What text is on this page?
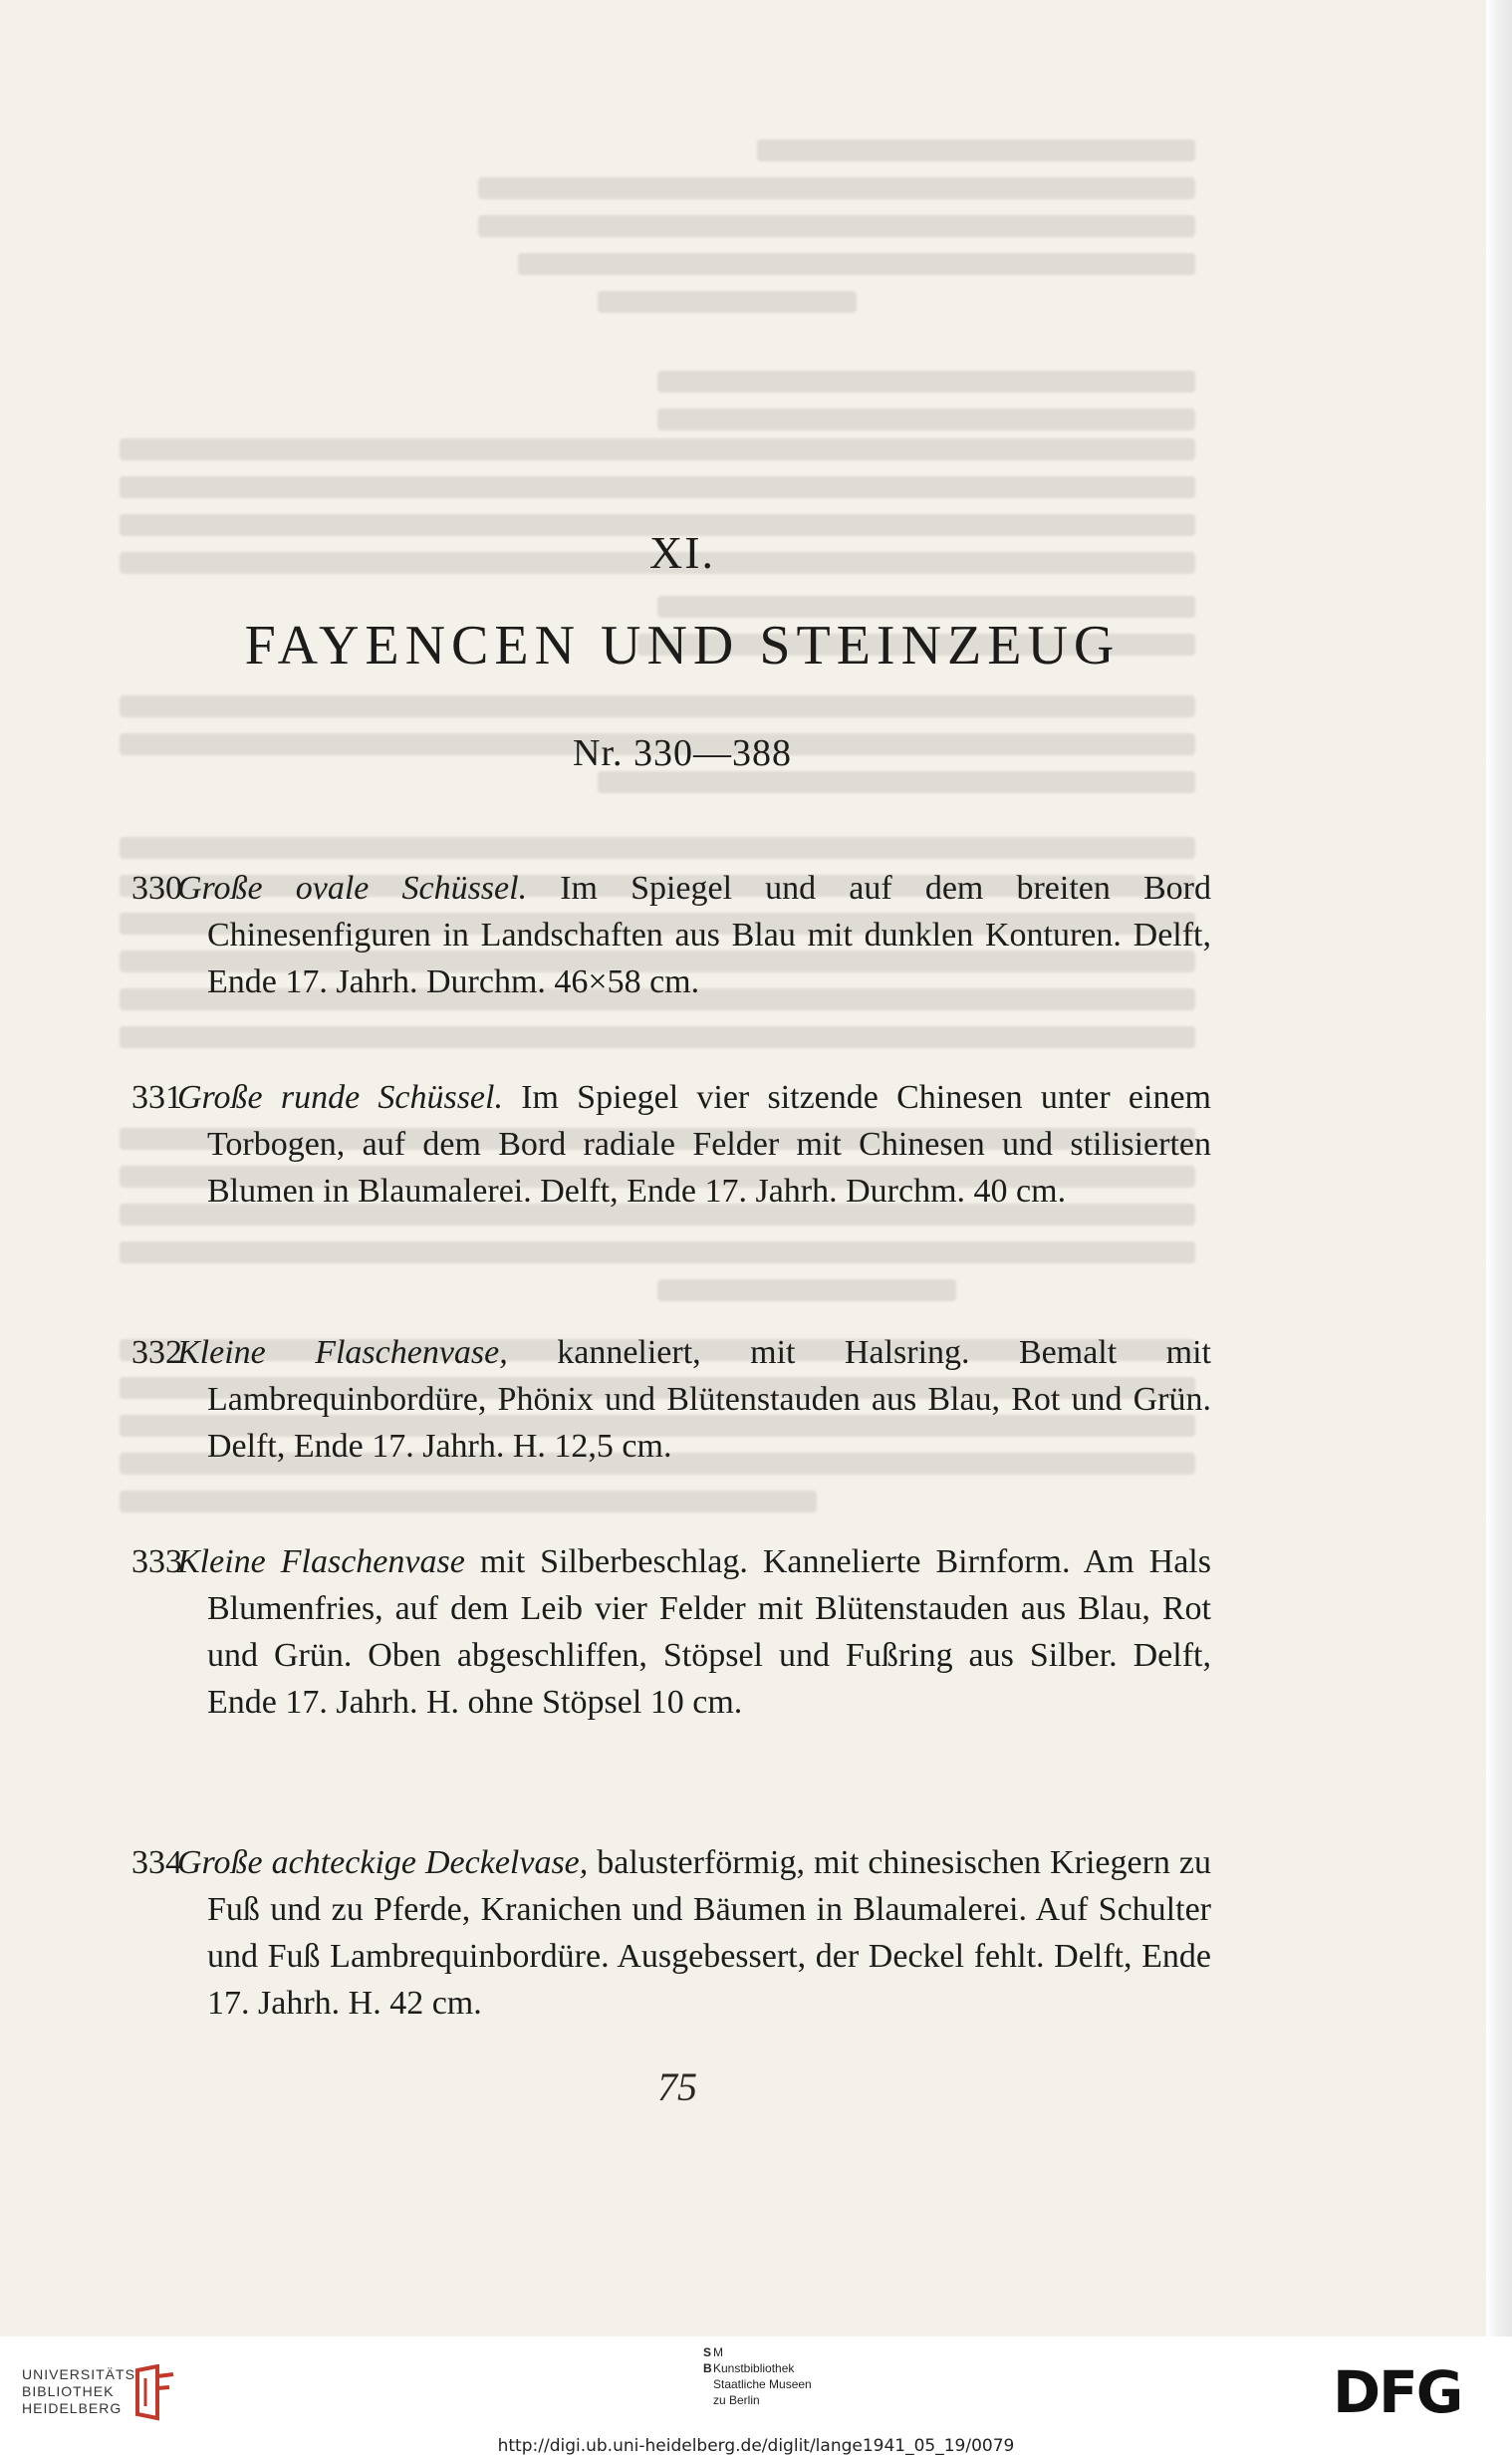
XI.
FAYENCEN UND STEINZEUG
Nr. 330—388
330
Große ovale Schüssel. Im Spiegel und auf dem breiten Bord Chinesenfiguren in Landschaften aus Blau mit dunklen Konturen. Delft, Ende 17. Jahrh. Durchm. 46×58 cm.
331
Große runde Schüssel. Im Spiegel vier sitzende Chinesen unter einem Torbogen, auf dem Bord radiale Felder mit Chinesen und stilisierten Blumen in Blaumalerei. Delft, Ende 17. Jahrh. Durchm. 40 cm.
332
Kleine Flaschenvase, kanneliert, mit Halsring. Bemalt mit Lambrequinbordüre, Phönix und Blütenstauden aus Blau, Rot und Grün. Delft, Ende 17. Jahrh. H. 12,5 cm.
333
Kleine Flaschenvase mit Silberbeschlag. Kannelierte Birnform. Am Hals Blumenfries, auf dem Leib vier Felder mit Blütenstauden aus Blau, Rot und Grün. Oben abgeschliffen, Stöpsel und Fußring aus Silber. Delft, Ende 17. Jahrh. H. ohne Stöpsel 10 cm.
334
Große achteckige Deckelvase, balusterförmig, mit chinesischen Kriegern zu Fuß und zu Pferde, Kranichen und Bäumen in Blaumalerei. Auf Schulter und Fuß Lambrequinbordüre. Ausgebessert, der Deckel fehlt. Delft, Ende 17. Jahrh. H. 42 cm.
75
UNIVERSITÄTS-
BIBLIOTHEK
HEIDELBERG
S M
BKunstbibliothek
Staatliche Museen
zu Berlin	DFG
http://digi.ub.uni-heidelberg.de/diglit/lange1941_05_19/0079
